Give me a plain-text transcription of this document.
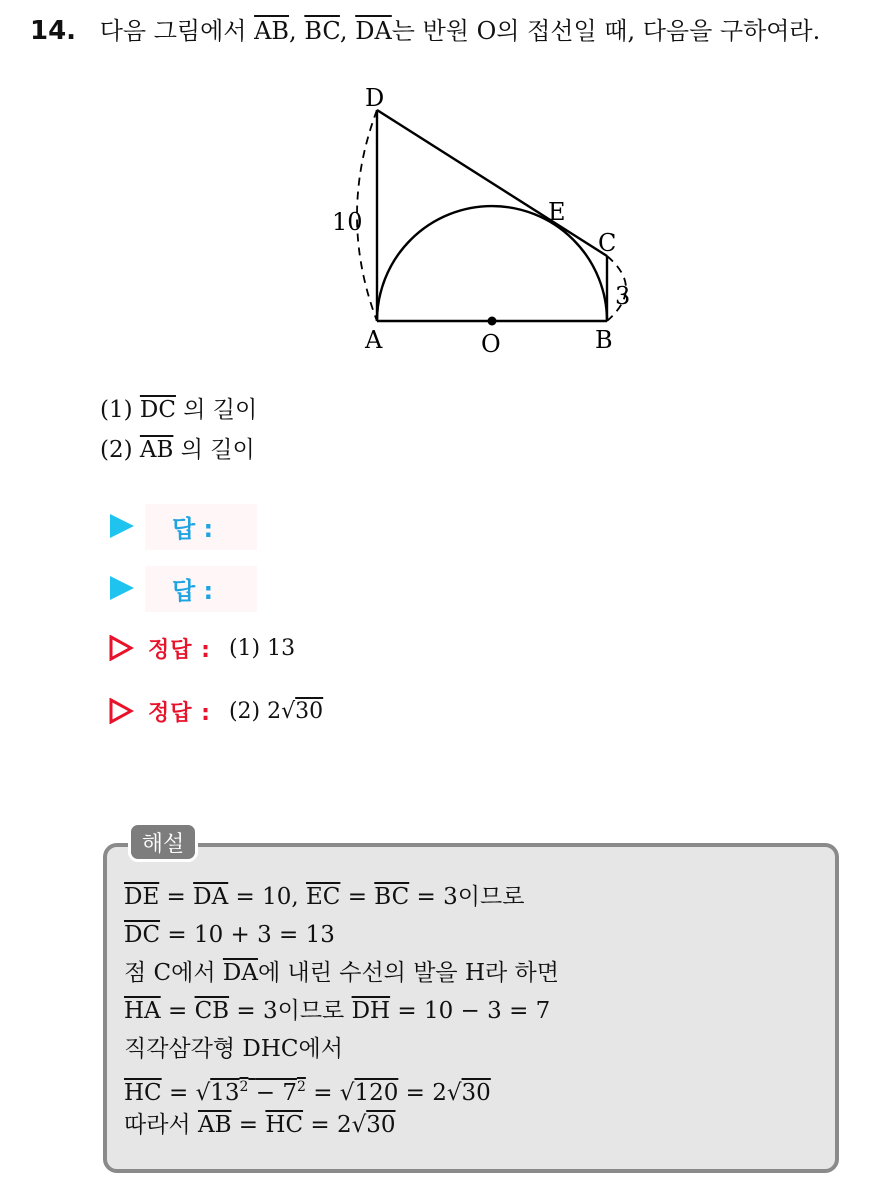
14. 다음 그림에서 $\overline{AB}$, $\overline{BC}$, $\overline{DA}$는 반원 O의 접선일 때, 다음을 구하여라.
D
E
C
A	O	B
10
3
(1) $\overline{DC}$ 의 길이
(2) $\overline{AB}$ 의 길이
답 :
답 :
정답 : (1) 13
정답 : (2) 2√30
해설
$\overline{DE} = \overline{DA} = 10$, $\overline{EC} = \overline{BC} = 3$이므로
$\overline{DC} = 10 + 3 = 13$
점 C에서 $\overline{DA}$에 내린 수선의 발을 H라 하면
$\overline{HA} = \overline{CB} = 3$이므로 $\overline{DH} = 10 - 3 = 7$
직각삼각형 DHC에서
$\overline{HC} = √13^2 - 7^2 = √120 = 2√30$
따라서 $\overline{AB} = \overline{HC} = 2√30$
